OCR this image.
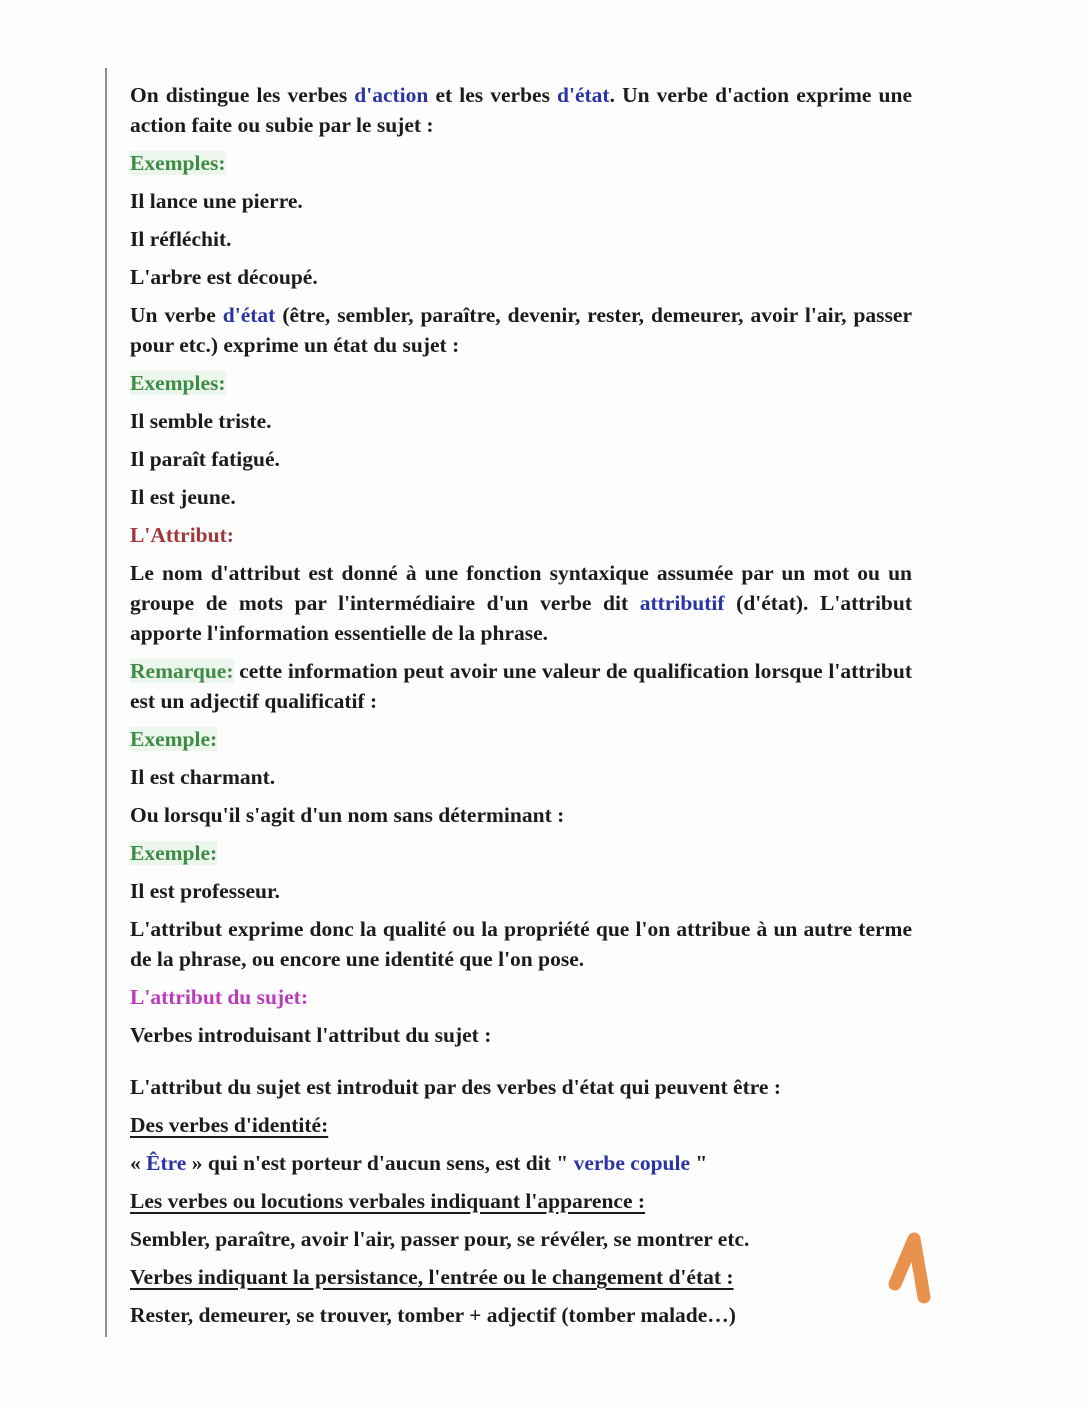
On distingue les verbes d'action et les verbes d'état. Un verbe d'action exprime une action faite ou subie par le sujet :

Exemples:

Il lance une pierre.

Il réfléchit.

L'arbre est découpé.

Un verbe d'état (être, sembler, paraître, devenir, rester, demeurer, avoir l'air, passer pour etc.) exprime un état du sujet :

Exemples:

Il semble triste.

Il paraît fatigué.

Il est jeune.

L'Attribut:

Le nom d'attribut est donné à une fonction syntaxique assumée par un mot ou un groupe de mots par l'intermédiaire d'un verbe dit attributif (d'état). L'attribut apporte l'information essentielle de la phrase.

Remarque: cette information peut avoir une valeur de qualification lorsque l'attribut est un adjectif qualificatif :

Exemple:

Il est charmant.

Ou lorsqu'il s'agit d'un nom sans déterminant :

Exemple:

Il est professeur.

L'attribut exprime donc la qualité ou la propriété que l'on attribue à un autre terme de la phrase, ou encore une identité que l'on pose.

L'attribut du sujet:

Verbes introduisant l'attribut du sujet :

L'attribut du sujet est introduit par des verbes d'état qui peuvent être :

Des verbes d'identité:

« Être » qui n'est porteur d'aucun sens, est dit " verbe copule "

Les verbes ou locutions verbales indiquant l'apparence :

Sembler, paraître, avoir l'air, passer pour, se révéler, se montrer etc.

Verbes indiquant la persistance, l'entrée ou le changement d'état :

Rester, demeurer, se trouver, tomber + adjectif (tomber malade…)
